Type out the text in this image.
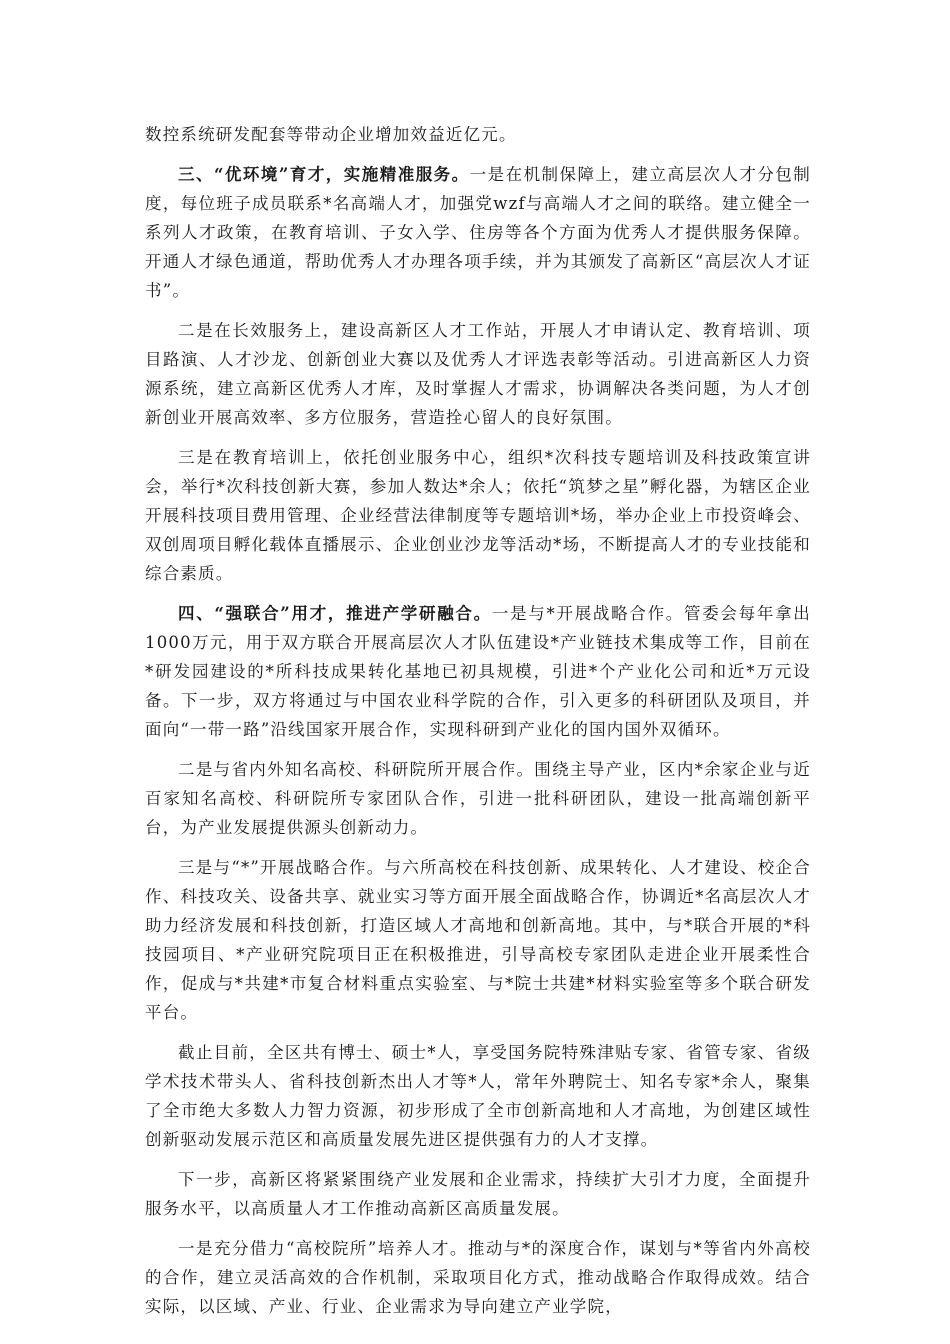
数控系统研发配套等带动企业增加效益近亿元。

三、“优环境”育才，实施精准服务。一是在机制保障上，建立高层次人才分包制度，每位班子成员联系*名高端人才，加强党wzf与高端人才之间的联络。建立健全一系列人才政策，在教育培训、子女入学、住房等各个方面为优秀人才提供服务保障。开通人才绿色通道，帮助优秀人才办理各项手续，并为其颁发了高新区“高层次人才证书”。

二是在长效服务上，建设高新区人才工作站，开展人才申请认定、教育培训、项目路演、人才沙龙、创新创业大赛以及优秀人才评选表彰等活动。引进高新区人力资源系统，建立高新区优秀人才库，及时掌握人才需求，协调解决各类问题，为人才创新创业开展高效率、多方位服务，营造拴心留人的良好氛围。

三是在教育培训上，依托创业服务中心，组织*次科技专题培训及科技政策宣讲会，举行*次科技创新大赛，参加人数达*余人；依托“筑梦之星”孵化器，为辖区企业开展科技项目费用管理、企业经营法律制度等专题培训*场，举办企业上市投资峰会、双创周项目孵化载体直播展示、企业创业沙龙等活动*场，不断提高人才的专业技能和综合素质。

四、“强联合”用才，推进产学研融合。一是与*开展战略合作。管委会每年拿出1000万元，用于双方联合开展高层次人才队伍建设*产业链技术集成等工作，目前在*研发园建设的*所科技成果转化基地已初具规模，引进*个产业化公司和近*万元设备。下一步，双方将通过与中国农业科学院的合作，引入更多的科研团队及项目，并面向“一带一路”沿线国家开展合作，实现科研到产业化的国内国外双循环。

二是与省内外知名高校、科研院所开展合作。围绕主导产业，区内*余家企业与近百家知名高校、科研院所专家团队合作，引进一批科研团队，建设一批高端创新平台，为产业发展提供源头创新动力。

三是与“*”开展战略合作。与六所高校在科技创新、成果转化、人才建设、校企合作、科技攻关、设备共享、就业实习等方面开展全面战略合作，协调近*名高层次人才助力经济发展和科技创新，打造区域人才高地和创新高地。其中，与*联合开展的*科技园项目、*产业研究院项目正在积极推进，引导高校专家团队走进企业开展柔性合作，促成与*共建*市复合材料重点实验室、与*院士共建*材料实验室等多个联合研发平台。

截止目前，全区共有博士、硕士*人，享受国务院特殊津贴专家、省管专家、省级学术技术带头人、省科技创新杰出人才等*人，常年外聘院士、知名专家*余人，聚集了全市绝大多数人力智力资源，初步形成了全市创新高地和人才高地，为创建区域性创新驱动发展示范区和高质量发展先进区提供强有力的人才支撑。

下一步，高新区将紧紧围绕产业发展和企业需求，持续扩大引才力度，全面提升服务水平，以高质量人才工作推动高新区高质量发展。

一是充分借力“高校院所”培养人才。推动与*的深度合作，谋划与*等省内外高校的合作，建立灵活高效的合作机制，采取项目化方式，推动战略合作取得成效。结合实际，以区域、产业、行业、企业需求为导向建立产业学院，
